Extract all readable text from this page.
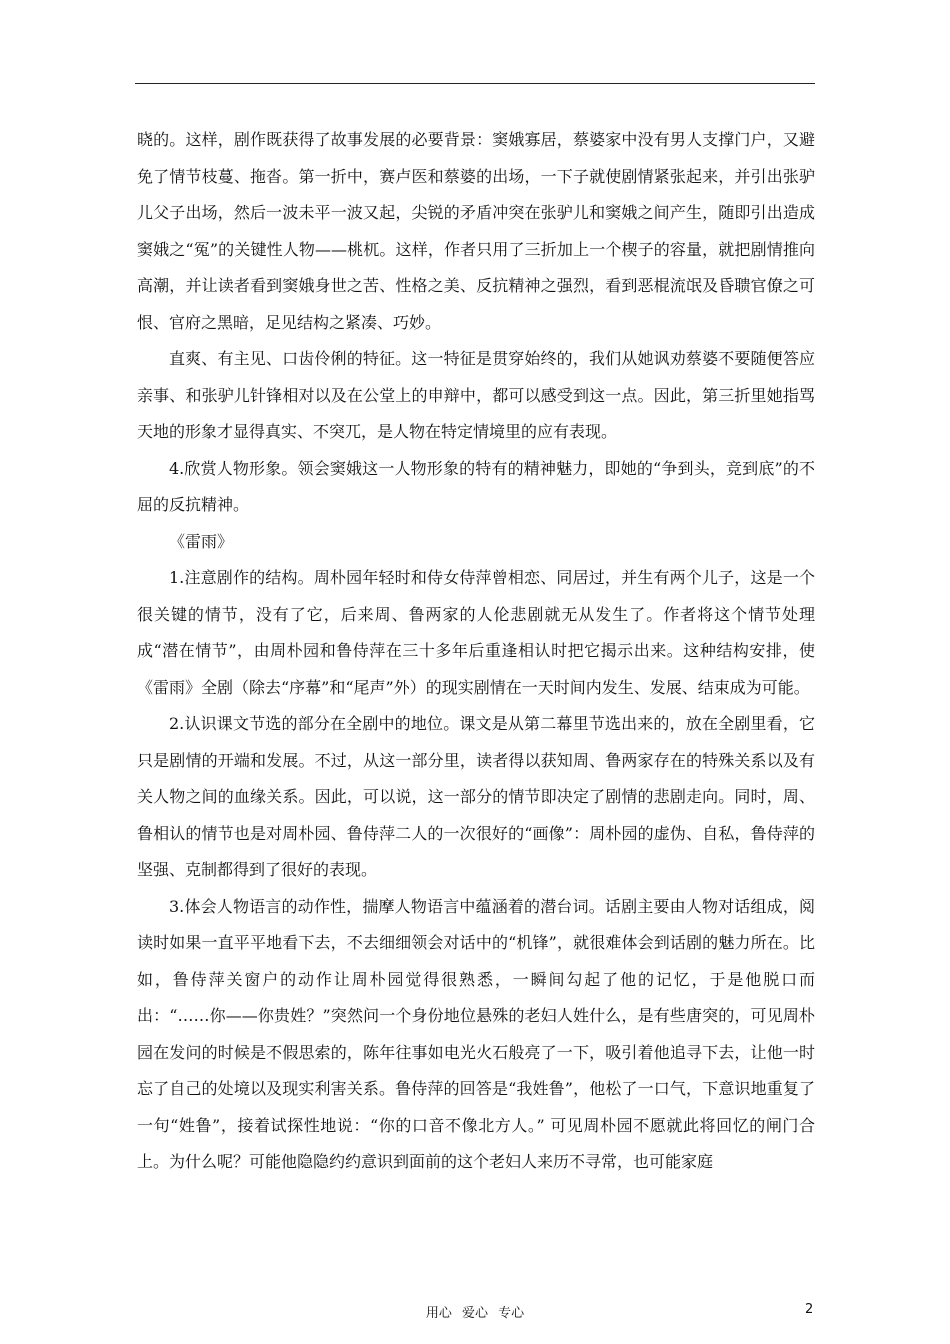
晓的。这样，剧作既获得了故事发展的必要背景：窦娥寡居，蔡婆家中没有男人支撑门户，又避免了情节枝蔓、拖沓。第一折中，赛卢医和蔡婆的出场，一下子就使剧情紧张起来，并引出张驴儿父子出场，然后一波未平一波又起，尖锐的矛盾冲突在张驴儿和窦娥之间产生，随即引出造成窦娥之“冤”的关键性人物——桃杌。这样，作者只用了三折加上一个楔子的容量，就把剧情推向高潮，并让读者看到窦娥身世之苦、性格之美、反抗精神之强烈，看到恶棍流氓及昏聩官僚之可恨、官府之黑暗，足见结构之紧凑、巧妙。

直爽、有主见、口齿伶俐的特征。这一特征是贯穿始终的，我们从她讽劝蔡婆不要随便答应亲事、和张驴儿针锋相对以及在公堂上的申辩中，都可以感受到这一点。因此，第三折里她指骂天地的形象才显得真实、不突兀，是人物在特定情境里的应有表现。

4.欣赏人物形象。领会窦娥这一人物形象的特有的精神魅力，即她的“争到头，竞到底”的不屈的反抗精神。

《雷雨》

1.注意剧作的结构。周朴园年轻时和侍女侍萍曾相恋、同居过，并生有两个儿子，这是一个很关键的情节，没有了它，后来周、鲁两家的人伦悲剧就无从发生了。作者将这个情节处理成“潜在情节”，由周朴园和鲁侍萍在三十多年后重逢相认时把它揭示出来。这种结构安排，使《雷雨》全剧（除去“序幕”和“尾声”外）的现实剧情在一天时间内发生、发展、结束成为可能。

2.认识课文节选的部分在全剧中的地位。课文是从第二幕里节选出来的，放在全剧里看，它只是剧情的开端和发展。不过，从这一部分里，读者得以获知周、鲁两家存在的特殊关系以及有关人物之间的血缘关系。因此，可以说，这一部分的情节即决定了剧情的悲剧走向。同时，周、鲁相认的情节也是对周朴园、鲁侍萍二人的一次很好的“画像”：周朴园的虚伪、自私，鲁侍萍的坚强、克制都得到了很好的表现。

3.体会人物语言的动作性，揣摩人物语言中蕴涵着的潜台词。话剧主要由人物对话组成，阅读时如果一直平平地看下去，不去细细领会对话中的“机锋”，就很难体会到话剧的魅力所在。比如，鲁侍萍关窗户的动作让周朴园觉得很熟悉，一瞬间勾起了他的记忆，于是他脱口而出：“……你——你贵姓？”突然问一个身份地位悬殊的老妇人姓什么，是有些唐突的，可见周朴园在发问的时候是不假思索的，陈年往事如电光火石般亮了一下，吸引着他追寻下去，让他一时忘了自己的处境以及现实利害关系。鲁侍萍的回答是“我姓鲁”，他松了一口气，下意识地重复了一句“姓鲁”，接着试探性地说：“你的口音不像北方人。” 可见周朴园不愿就此将回忆的闸门合上。为什么呢？可能他隐隐约约意识到面前的这个老妇人来历不寻常，也可能家庭

用心 爱心 专心	2
